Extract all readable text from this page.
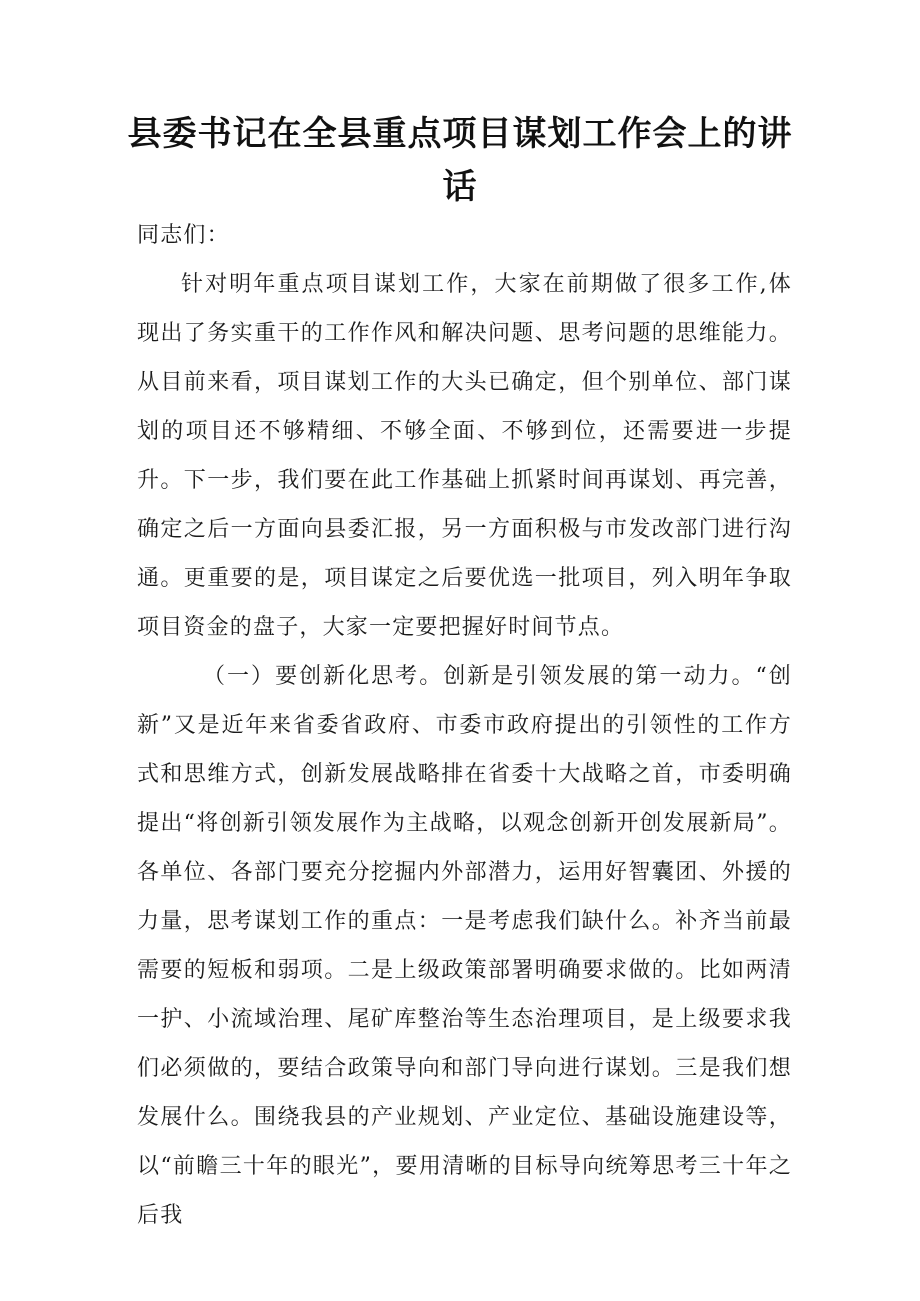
县委书记在全县重点项目谋划工作会上的讲话

同志们：

针对明年重点项目谋划工作，大家在前期做了很多工作,体现出了务实重干的工作作风和解决问题、思考问题的思维能力。从目前来看，项目谋划工作的大头已确定，但个别单位、部门谋划的项目还不够精细、不够全面、不够到位，还需要进一步提升。下一步，我们要在此工作基础上抓紧时间再谋划、再完善，确定之后一方面向县委汇报，另一方面积极与市发改部门进行沟通。更重要的是，项目谋定之后要优选一批项目，列入明年争取项目资金的盘子，大家一定要把握好时间节点。

（一）要创新化思考。创新是引领发展的第一动力。“创新”又是近年来省委省政府、市委市政府提出的引领性的工作方式和思维方式，创新发展战略排在省委十大战略之首，市委明确提出“将创新引领发展作为主战略，以观念创新开创发展新局”。各单位、各部门要充分挖掘内外部潜力，运用好智囊团、外援的力量，思考谋划工作的重点：一是考虑我们缺什么。补齐当前最需要的短板和弱项。二是上级政策部署明确要求做的。比如两清一护、小流域治理、尾矿库整治等生态治理项目，是上级要求我们必须做的，要结合政策导向和部门导向进行谋划。三是我们想发展什么。围绕我县的产业规划、产业定位、基础设施建设等，以“前瞻三十年的眼光”，要用清晰的目标导向统筹思考三十年之后我
